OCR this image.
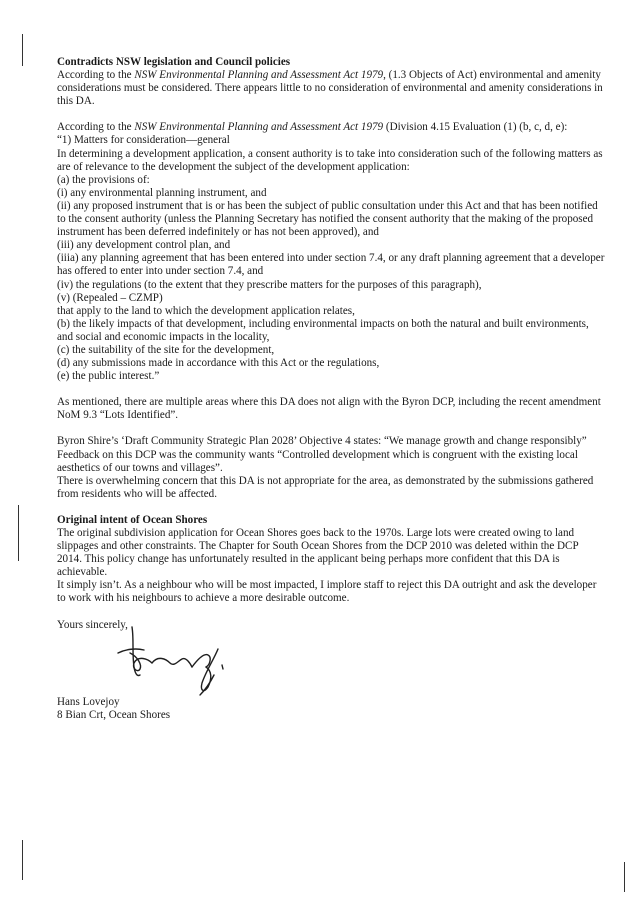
Contradicts NSW legislation and Council policies

According to the NSW Environmental Planning and Assessment Act 1979, (1.3 Objects of Act) environmental and amenity considerations must be considered. There appears little to no consideration of environmental and amenity considerations in this DA.

According to the NSW Environmental Planning and Assessment Act 1979 (Division 4.15 Evaluation (1) (b, c, d, e):

“1) Matters for consideration—general

In determining a development application, a consent authority is to take into consideration such of the following matters as are of relevance to the development the subject of the development application:

(a) the provisions of:

(i) any environmental planning instrument, and

(ii) any proposed instrument that is or has been the subject of public consultation under this Act and that has been notified to the consent authority (unless the Planning Secretary has notified the consent authority that the making of the proposed instrument has been deferred indefinitely or has not been approved), and

(iii) any development control plan, and

(iiia) any planning agreement that has been entered into under section 7.4, or any draft planning agreement that a developer has offered to enter into under section 7.4, and

(iv) the regulations (to the extent that they prescribe matters for the purposes of this paragraph),

(v) (Repealed – CZMP)

that apply to the land to which the development application relates,

(b) the likely impacts of that development, including environmental impacts on both the natural and built environments, and social and economic impacts in the locality,

(c) the suitability of the site for the development,

(d) any submissions made in accordance with this Act or the regulations,

(e) the public interest.”

As mentioned, there are multiple areas where this DA does not align with the Byron DCP, including the recent amendment NoM 9.3 “Lots Identified”.

Byron Shire’s ‘Draft Community Strategic Plan 2028’ Objective 4 states: “We manage growth and change responsibly”

Feedback on this DCP was the community wants “Controlled development which is congruent with the existing local aesthetics of our towns and villages”.

There is overwhelming concern that this DA is not appropriate for the area, as demonstrated by the submissions gathered from residents who will be affected.

Original intent of Ocean Shores

The original subdivision application for Ocean Shores goes back to the 1970s. Large lots were created owing to land slippages and other constraints. The Chapter for South Ocean Shores from the DCP 2010 was deleted within the DCP 2014. This policy change has unfortunately resulted in the applicant being perhaps more confident that this DA is achievable.

It simply isn’t. As a neighbour who will be most impacted, I implore staff to reject this DA outright and ask the developer to work with his neighbours to achieve a more desirable outcome.

Yours sincerely,

Hans Lovejoy

8 Bian Crt, Ocean Shores
